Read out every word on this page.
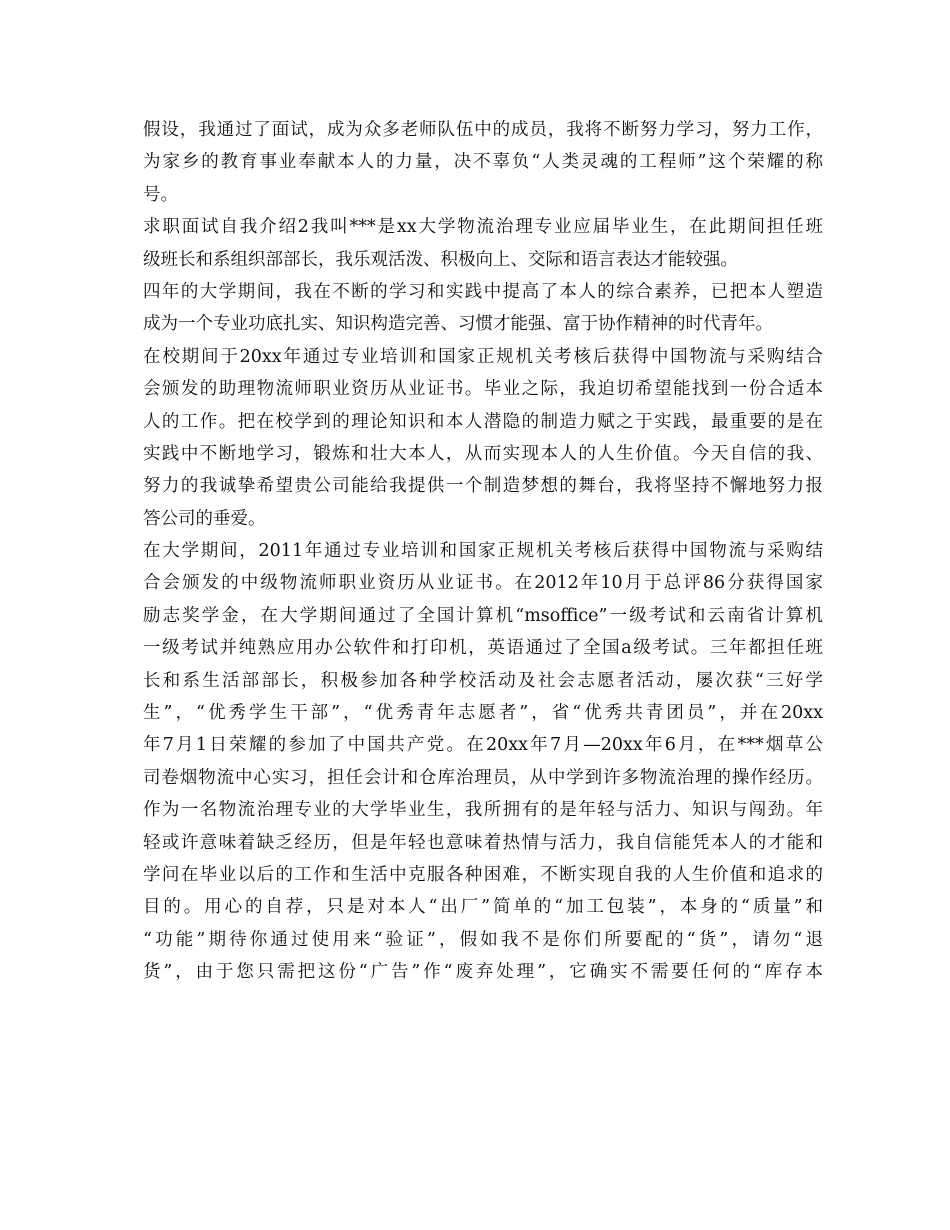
假设，我通过了面试，成为众多老师队伍中的成员，我将不断努力学习，努力工作，
为家乡的教育事业奉献本人的力量，决不辜负“人类灵魂的工程师”这个荣耀的称
号。
求职面试自我介绍2我叫***是xx大学物流治理专业应届毕业生，在此期间担任班
级班长和系组织部部长，我乐观活泼、积极向上、交际和语言表达才能较强。
四年的大学期间，我在不断的学习和实践中提高了本人的综合素养，已把本人塑造
成为一个专业功底扎实、知识构造完善、习惯才能强、富于协作精神的时代青年。
在校期间于20xx年通过专业培训和国家正规机关考核后获得中国物流与采购结合
会颁发的助理物流师职业资历从业证书。毕业之际，我迫切希望能找到一份合适本
人的工作。把在校学到的理论知识和本人潜隐的制造力赋之于实践，最重要的是在
实践中不断地学习，锻炼和壮大本人，从而实现本人的人生价值。今天自信的我、
努力的我诚挚希望贵公司能给我提供一个制造梦想的舞台，我将坚持不懈地努力报
答公司的垂爱。
在大学期间，2011年通过专业培训和国家正规机关考核后获得中国物流与采购结
合会颁发的中级物流师职业资历从业证书。在2012年10月于总评86分获得国家
励志奖学金，在大学期间通过了全国计算机“msoffice”一级考试和云南省计算机
一级考试并纯熟应用办公软件和打印机，英语通过了全国a级考试。三年都担任班
长和系生活部部长，积极参加各种学校活动及社会志愿者活动，屡次获“三好学
生”，“优秀学生干部”，“优秀青年志愿者”，省“优秀共青团员”，并在20xx
年7月1日荣耀的参加了中国共产党。在20xx年7月—20xx年6月，在***烟草公
司卷烟物流中心实习，担任会计和仓库治理员，从中学到许多物流治理的操作经历。
作为一名物流治理专业的大学毕业生，我所拥有的是年轻与活力、知识与闯劲。年
轻或许意味着缺乏经历，但是年轻也意味着热情与活力，我自信能凭本人的才能和
学问在毕业以后的工作和生活中克服各种困难，不断实现自我的人生价值和追求的
目的。用心的自荐，只是对本人“出厂”简单的“加工包装”，本身的“质量”和
“功能”期待你通过使用来“验证”，假如我不是你们所要配的“货”，请勿“退
货”，由于您只需把这份“广告”作“废弃处理”，它确实不需要任何的“库存本
